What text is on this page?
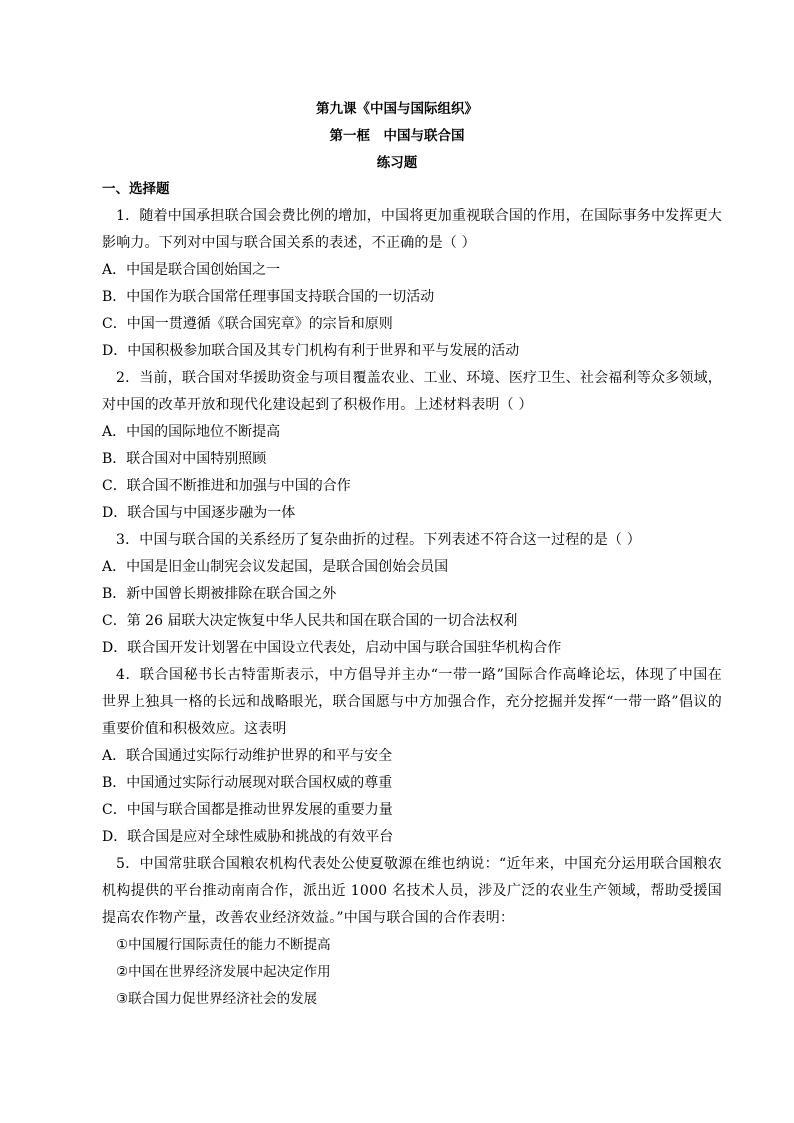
第九课《中国与国际组织》
第一框　中国与联合国
练习题
一、选择题
1．随着中国承担联合国会费比例的增加，中国将更加重视联合国的作用，在国际事务中发挥更大影响力。下列对中国与联合国关系的表述，不正确的是（ ）
A．中国是联合国创始国之一
B．中国作为联合国常任理事国支持联合国的一切活动
C．中国一贯遵循《联合国宪章》的宗旨和原则
D．中国积极参加联合国及其专门机构有利于世界和平与发展的活动
2．当前，联合国对华援助资金与项目覆盖农业、工业、环境、医疗卫生、社会福利等众多领域，对中国的改革开放和现代化建设起到了积极作用。上述材料表明（ ）
A．中国的国际地位不断提高
B．联合国对中国特别照顾
C．联合国不断推进和加强与中国的合作
D．联合国与中国逐步融为一体
3．中国与联合国的关系经历了复杂曲折的过程。下列表述不符合这一过程的是（ ）
A．中国是旧金山制宪会议发起国，是联合国创始会员国
B．新中国曾长期被排除在联合国之外
C．第 26 届联大决定恢复中华人民共和国在联合国的一切合法权利
D．联合国开发计划署在中国设立代表处，启动中国与联合国驻华机构合作
4．联合国秘书长古特雷斯表示，中方倡导并主办“一带一路”国际合作高峰论坛，体现了中国在世界上独具一格的长远和战略眼光，联合国愿与中方加强合作，充分挖掘并发挥“一带一路”倡议的重要价值和积极效应。这表明
A．联合国通过实际行动维护世界的和平与安全
B．中国通过实际行动展现对联合国权威的尊重
C．中国与联合国都是推动世界发展的重要力量
D．联合国是应对全球性威胁和挑战的有效平台
5．中国常驻联合国粮农机构代表处公使夏敬源在维也纳说：“近年来，中国充分运用联合国粮农机构提供的平台推动南南合作，派出近 1000 名技术人员，涉及广泛的农业生产领域，帮助受援国提高农作物产量，改善农业经济效益。”中国与联合国的合作表明：
①中国履行国际责任的能力不断提高
②中国在世界经济发展中起决定作用
③联合国力促世界经济社会的发展
